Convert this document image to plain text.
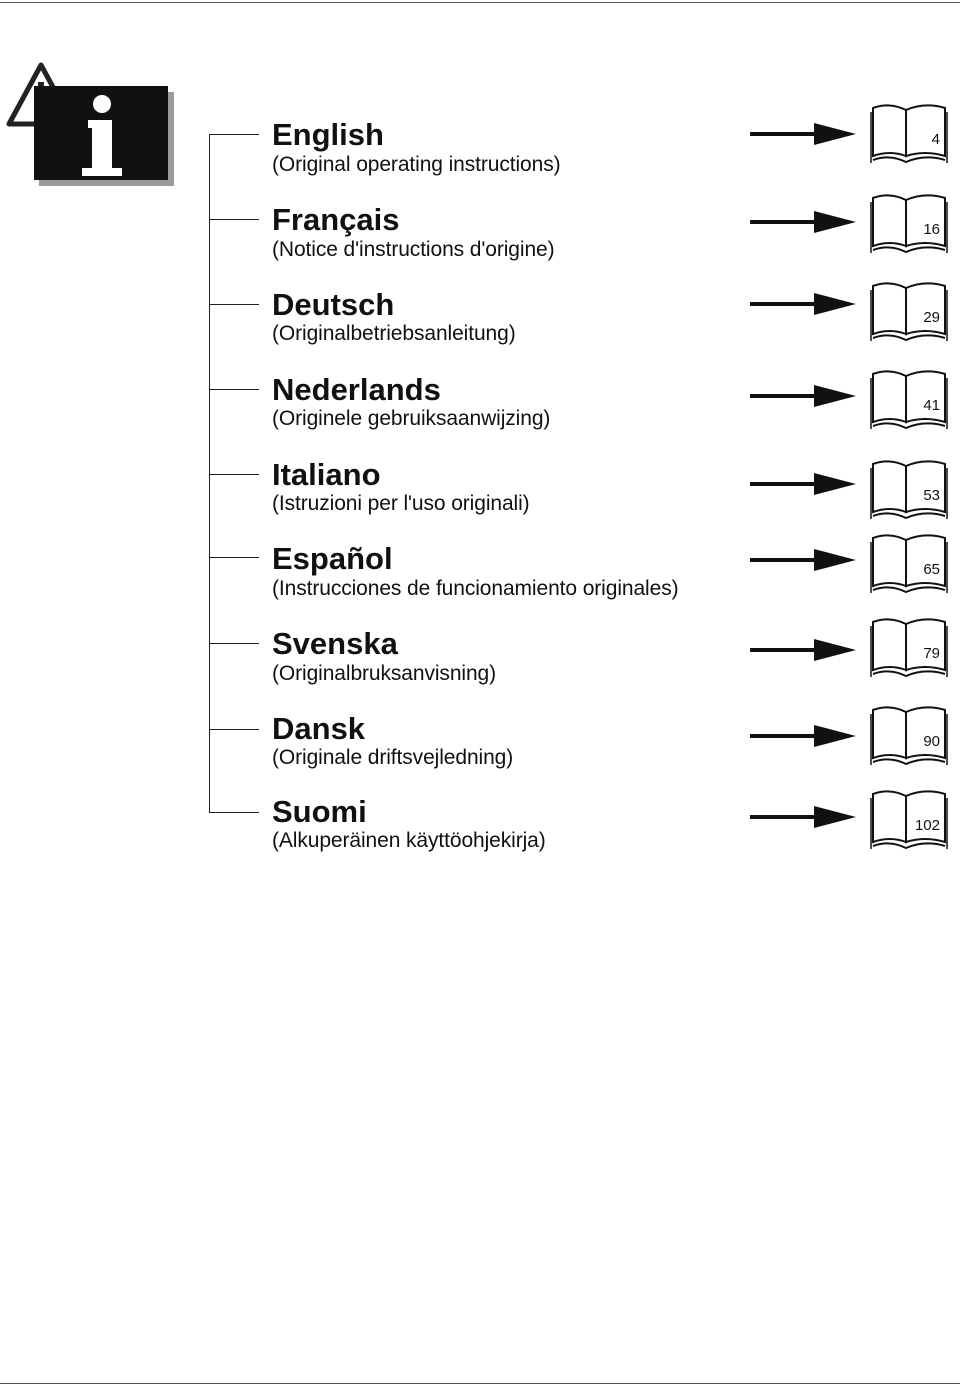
English
(Original operating instructions)
4
Français
(Notice d'instructions d'origine)
16
Deutsch
(Originalbetriebsanleitung)
29
Nederlands
(Originele gebruiksaanwijzing)
41
Italiano
(Istruzioni per l'uso originali)	53
Español
(Instrucciones de funcionamiento originales)
65
Svenska
(Originalbruksanvisning)
79
Dansk
(Originale driftsvejledning)
90
Suomi
(Alkuperäinen käyttöohjekirja)
102
